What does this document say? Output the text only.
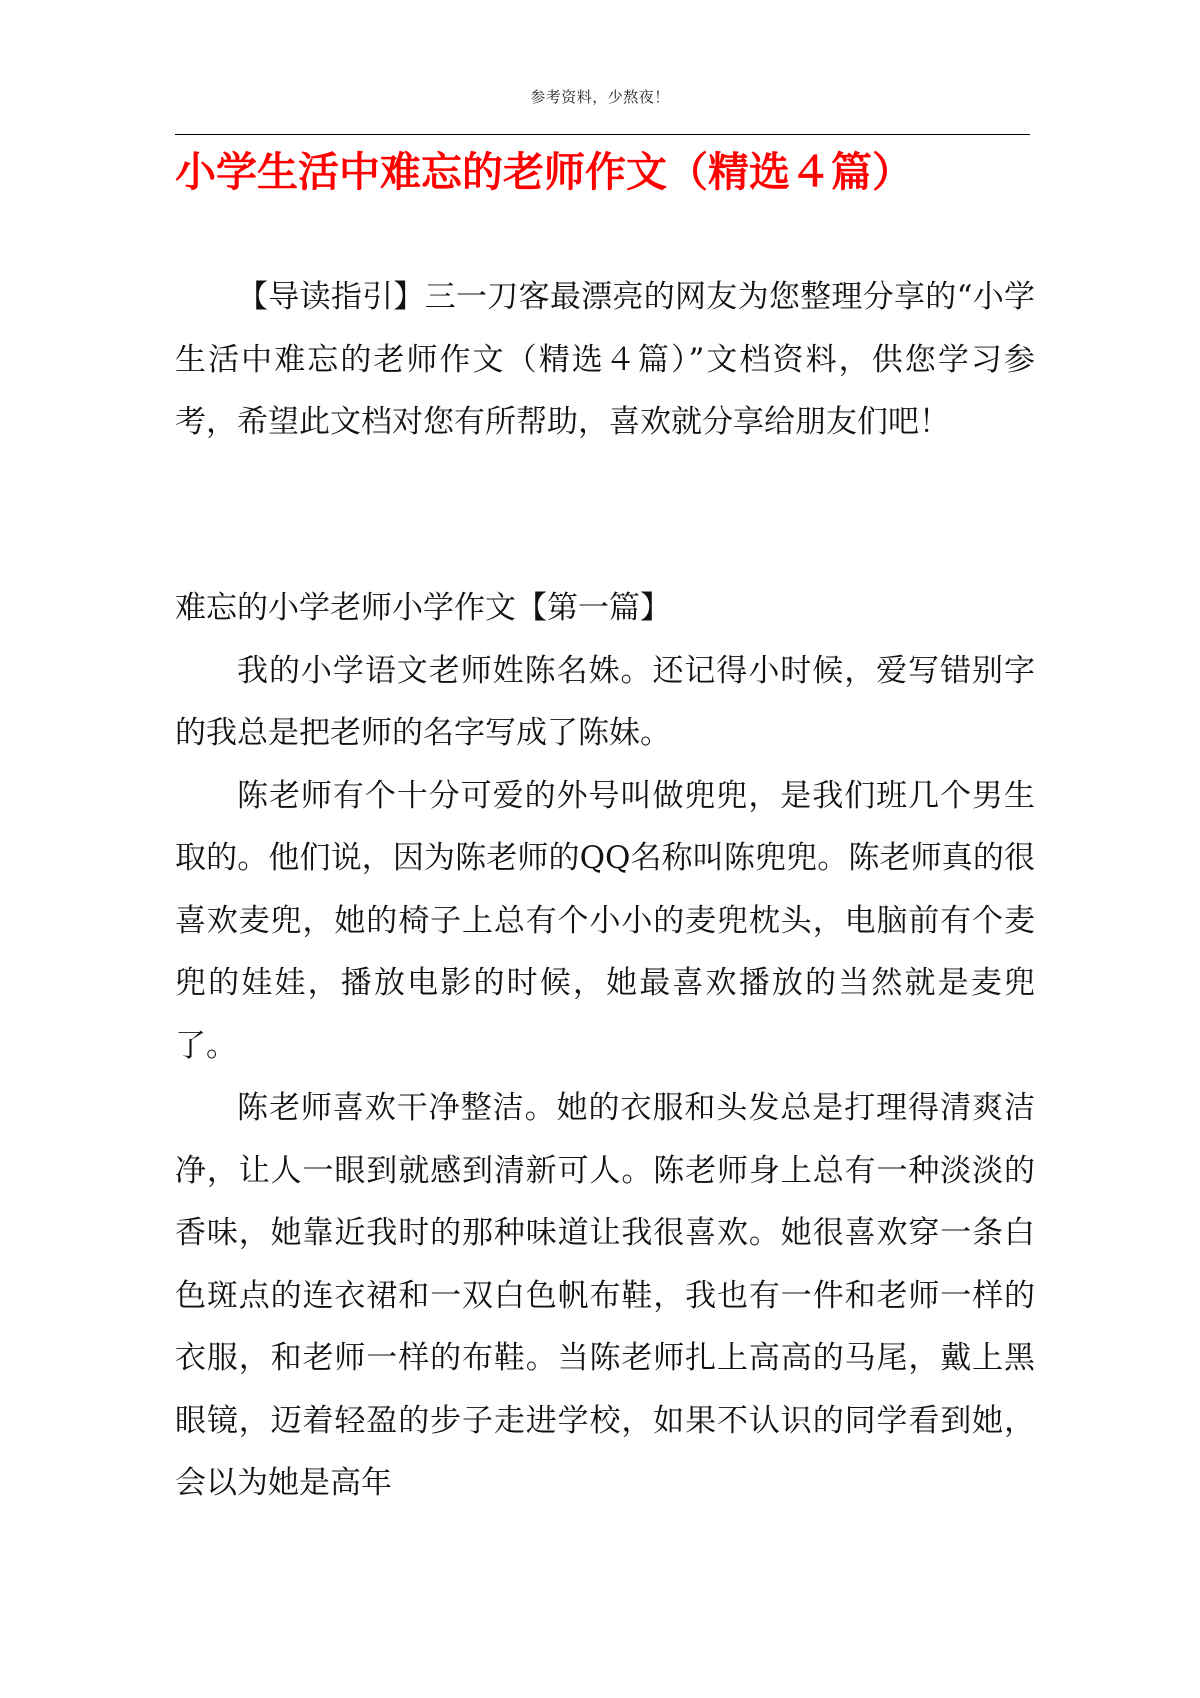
参考资料，少熬夜！
小学生活中难忘的老师作文（精选４篇）

【导读指引】三一刀客最漂亮的网友为您整理分享的“小学生活中难忘的老师作文（精选４篇）”文档资料，供您学习参考，希望此文档对您有所帮助，喜欢就分享给朋友们吧！

难忘的小学老师小学作文【第一篇】

我的小学语文老师姓陈名姝。还记得小时候，爱写错别字的我总是把老师的名字写成了陈妹。

陈老师有个十分可爱的外号叫做兜兜，是我们班几个男生取的。他们说，因为陈老师的QQ名称叫陈兜兜。陈老师真的很喜欢麦兜，她的椅子上总有个小小的麦兜枕头，电脑前有个麦兜的娃娃，播放电影的时候，她最喜欢播放的当然就是麦兜了。

陈老师喜欢干净整洁。她的衣服和头发总是打理得清爽洁净，让人一眼到就感到清新可人。陈老师身上总有一种淡淡的香味，她靠近我时的那种味道让我很喜欢。她很喜欢穿一条白色斑点的连衣裙和一双白色帆布鞋，我也有一件和老师一样的衣服，和老师一样的布鞋。当陈老师扎上高高的马尾，戴上黑眼镜，迈着轻盈的步子走进学校，如果不认识的同学看到她，会以为她是高年
